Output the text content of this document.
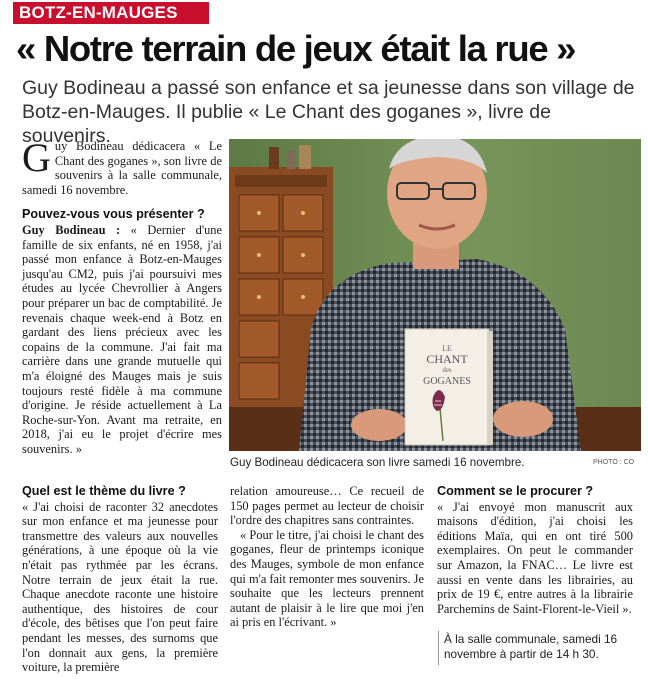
BOTZ-EN-MAUGES
« Notre terrain de jeux était la rue »
Guy Bodineau a passé son enfance et sa jeunesse dans son village de Botz-en-Mauges. Il publie « Le Chant des goganes », livre de souvenirs.

Guy Bodineau dédicacera « Le Chant des goganes », son livre de souvenirs à la salle communale, samedi 16 novembre.

Pouvez-vous vous présenter ?

Guy Bodineau : « Dernier d'une famille de six enfants, né en 1958, j'ai passé mon enfance à Botz-en-Mauges jusqu'au CM2, puis j'ai poursuivi mes études au lycée Chevrollier à Angers pour préparer un bac de comptabilité. Je revenais chaque week-end à Botz en gardant des liens précieux avec les copains de la commune. J'ai fait ma carrière dans une grande mutuelle qui m'a éloigné des Mauges mais je suis toujours resté fidèle à ma commune d'origine. Je réside actuellement à La Roche-sur-Yon. Avant ma retraite, en 2018, j'ai eu le projet d'écrire mes souvenirs. »

LE
CHANT
des
GOGANES
Guy Bodineau dédicacera son livre samedi 16 novembre.	PHOTO : CO

Quel est le thème du livre ?

« J'ai choisi de raconter 32 anecdotes sur mon enfance et ma jeunesse pour transmettre des valeurs aux nouvelles générations, à une époque où la vie n'était pas rythmée par les écrans. Notre terrain de jeux était la rue. Chaque anecdote raconte une histoire authentique, des histoires de cour d'école, des bêtises que l'on peut faire pendant les messes, des surnoms que l'on donnait aux gens, la première voiture, la première

relation amoureuse… Ce recueil de 150 pages permet au lecteur de choisir l'ordre des chapitres sans contraintes.

« Pour le titre, j'ai choisi le chant des goganes, fleur de printemps iconique des Mauges, symbole de mon enfance qui m'a fait remonter mes souvenirs. Je souhaite que les lecteurs prennent autant de plaisir à le lire que moi j'en ai pris en l'écrivant. »

Comment se le procurer ?

« J'ai envoyé mon manuscrit aux maisons d'édition, j'ai choisi les éditions Maïa, qui en ont tiré 500 exemplaires. On peut le commander sur Amazon, la FNAC… Le livre est aussi en vente dans les librairies, au prix de 19 €, entre autres à la librairie Parchemins de Saint-Florent-le-Vieil ».

À la salle communale, samedi 16 novembre à partir de 14 h 30.
